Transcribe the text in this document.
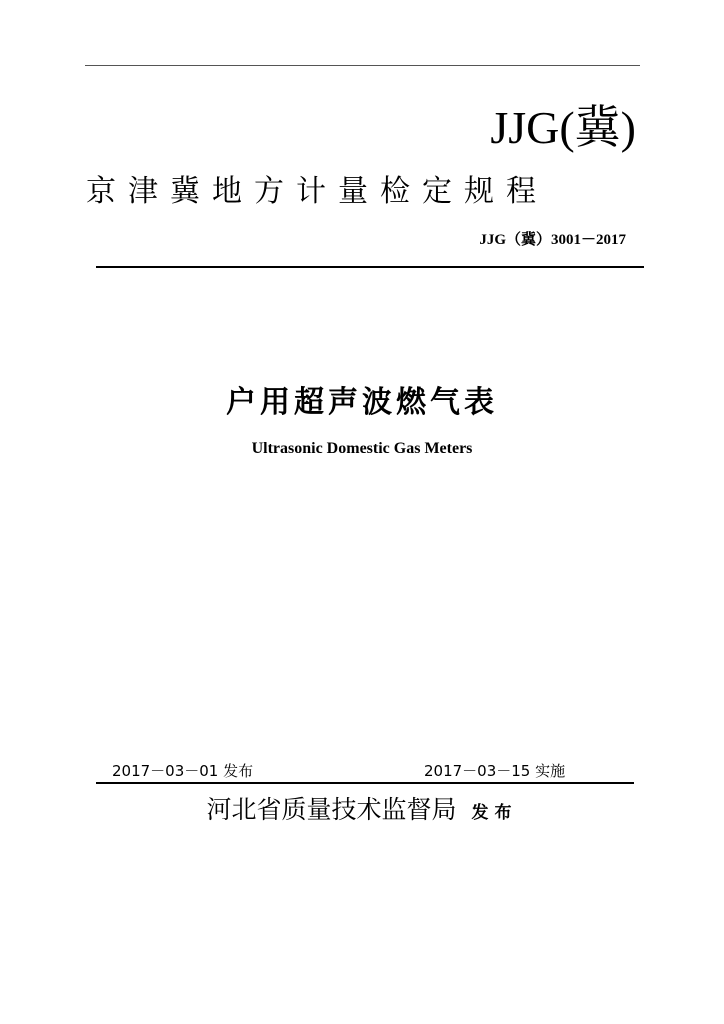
JJG(冀)
京津冀地方计量检定规程
JJG（冀）3001－2017
户用超声波燃气表
Ultrasonic Domestic Gas Meters
2017－03－01 发布	2017－03－15 实施
河北省质量技术监督局 发布
